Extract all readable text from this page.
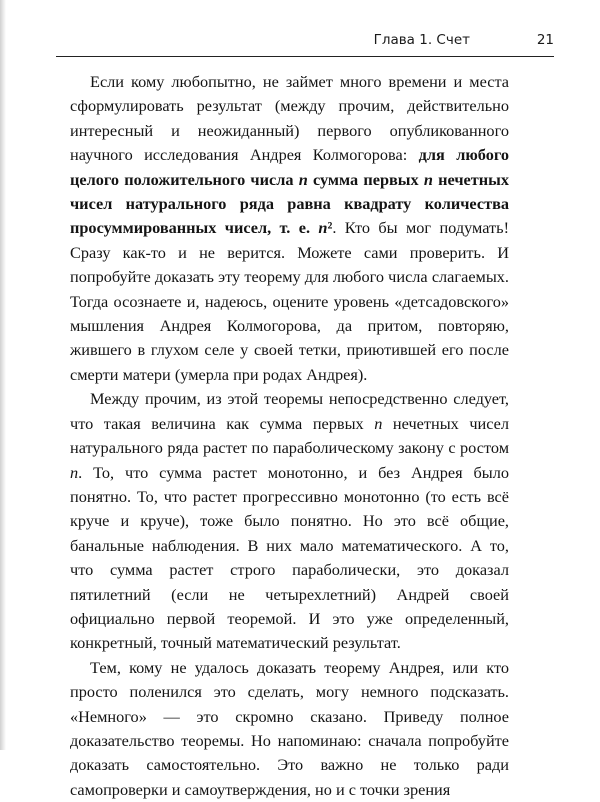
Глава 1. Счет	21

Если кому любопытно, не займет много времени и места сформулировать результат (между прочим, действительно интересный и неожиданный) первого опубликованного научного исследования Андрея Колмогорова: для любого целого положительного числа n сумма первых n нечетных чисел натурального ряда равна квадрату количества просуммированных чисел, т. е. n². Кто бы мог подумать! Сразу как-то и не верится. Можете сами проверить. И попробуйте доказать эту теорему для любого числа слагаемых. Тогда осознаете и, надеюсь, оцените уровень «детсадовского» мышления Андрея Колмогорова, да притом, повторяю, жившего в глухом селе у своей тетки, приютившей его после смерти матери (умерла при родах Андрея).

Между прочим, из этой теоремы непосредственно следует, что такая величина как сумма первых n нечетных чисел натурального ряда растет по параболическому закону с ростом n. То, что сумма растет монотонно, и без Андрея было понятно. То, что растет прогрессивно монотонно (то есть всё круче и круче), тоже было понятно. Но это всё общие, банальные наблюдения. В них мало математического. А то, что сумма растет строго параболически, это доказал пятилетний (если не четырехлетний) Андрей своей официально первой теоремой. И это уже определенный, конкретный, точный математический результат.

Тем, кому не удалось доказать теорему Андрея, или кто просто поленился это сделать, могу немного подсказать. «Немного» — это скромно сказано. Приведу полное доказательство теоремы. Но напоминаю: сначала попробуйте доказать самостоятельно. Это важно не только ради самопроверки и самоутверждения, но и с точки зрения
